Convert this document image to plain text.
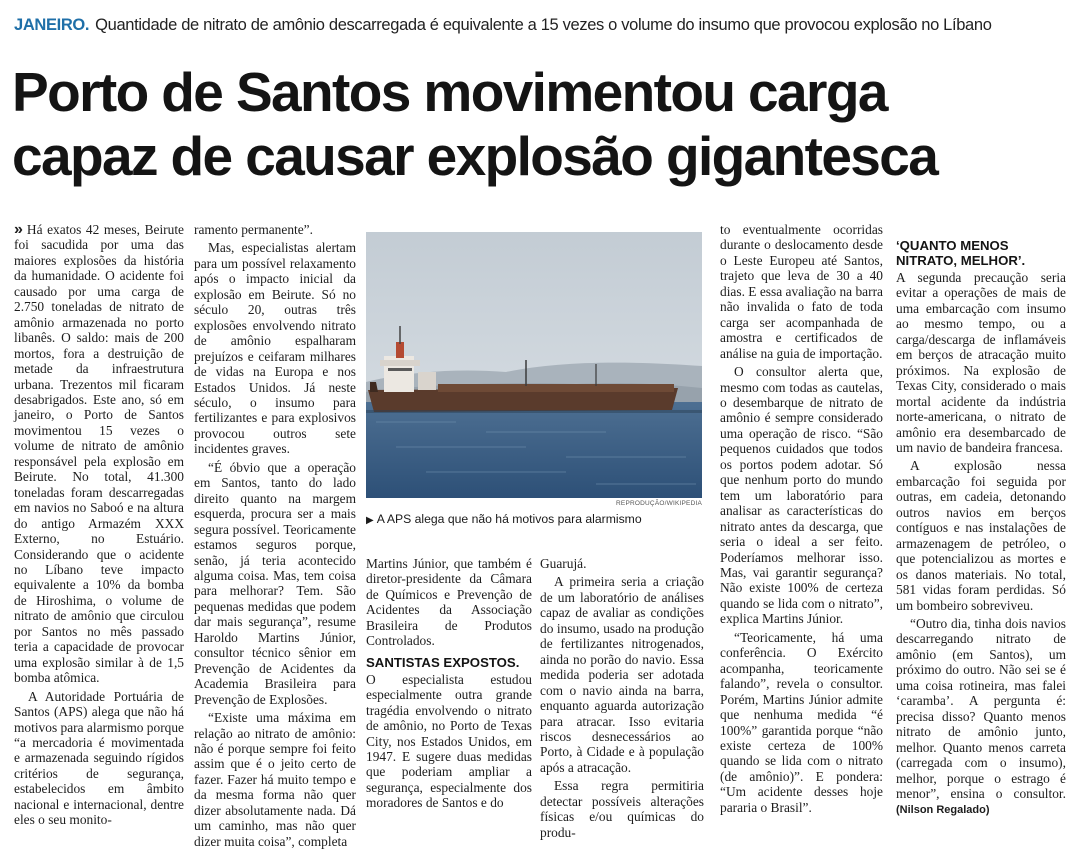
JANEIRO. Quantidade de nitrato de amônio descarregada é equivalente a 15 vezes o volume do insumo que provocou explosão no Líbano
Porto de Santos movimentou carga
capaz de causar explosão gigantesca

» Há exatos 42 meses, Beirute foi sacudida por uma das maiores explosões da história da humanidade. O acidente foi causado por uma carga de 2.750 toneladas de nitrato de amônio armazenada no porto libanês. O saldo: mais de 200 mortos, fora a destruição de metade da infraestrutura urbana. Trezentos mil ficaram desabrigados. Este ano, só em janeiro, o Porto de Santos movimentou 15 vezes o volume de nitrato de amônio responsável pela explosão em Beirute. No total, 41.300 toneladas foram descarregadas em navios no Saboó e na altura do antigo Armazém XXX Externo, no Estuário. Considerando que o acidente no Líbano teve impacto equivalente a 10% da bomba de Hiroshima, o volume de nitrato de amônio que circulou por Santos no mês passado teria a capacidade de provocar uma explosão similar à de 1,5 bomba atômica.

A Autoridade Portuária de Santos (APS) alega que não há motivos para alarmismo porque “a mercadoria é movimentada e armazenada seguindo rígidos critérios de segurança, estabelecidos em âmbito nacional e internacional, dentre eles o seu monito-

ramento permanente”.

Mas, especialistas alertam para um possível relaxamento após o impacto inicial da explosão em Beirute. Só no século 20, outras três explosões envolvendo nitrato de amônio espalharam prejuízos e ceifaram milhares de vidas na Europa e nos Estados Unidos. Já neste século, o insumo para fertilizantes e para explosivos provocou outros sete incidentes graves.

“É óbvio que a operação em Santos, tanto do lado direito quanto na margem esquerda, procura ser a mais segura possível. Teoricamente estamos seguros porque, senão, já teria acontecido alguma coisa. Mas, tem coisa para melhorar? Tem. São pequenas medidas que podem dar mais segurança”, resume Haroldo Martins Júnior, consultor técnico sênior em Prevenção de Acidentes da Academia Brasileira para Prevenção de Explosões.

“Existe uma máxima em relação ao nitrato de amônio: não é porque sempre foi feito assim que é o jeito certo de fazer. Fazer há muito tempo e da mesma forma não quer dizer absolutamente nada. Dá um caminho, mas não quer dizer muita coisa”, completa

REPRODUÇÃO/WIKIPEDIA
▶ A APS alega que não há motivos para alarmismo

Martins Júnior, que também é diretor-presidente da Câmara de Químicos e Prevenção de Acidentes da Associação Brasileira de Produtos Controlados.

SANTISTAS EXPOSTOS.

O especialista estudou especialmente outra grande tragédia envolvendo o nitrato de amônio, no Porto de Texas City, nos Estados Unidos, em 1947. E sugere duas medidas que poderiam ampliar a segurança, especialmente dos moradores de Santos e do

Guarujá.

A primeira seria a criação de um laboratório de análises capaz de avaliar as condições do insumo, usado na produção de fertilizantes nitrogenados, ainda no porão do navio. Essa medida poderia ser adotada com o navio ainda na barra, enquanto aguarda autorização para atracar. Isso evitaria riscos desnecessários ao Porto, à Cidade e à população após a atracação.

Essa regra permitiria detectar possíveis alterações físicas e/ou químicas do produ-

to eventualmente ocorridas durante o deslocamento desde o Leste Europeu até Santos, trajeto que leva de 30 a 40 dias. E essa avaliação na barra não invalida o fato de toda carga ser acompanhada de amostra e certificados de análise na guia de importação.

O consultor alerta que, mesmo com todas as cautelas, o desembarque de nitrato de amônio é sempre considerado uma operação de risco. “São pequenos cuidados que todos os portos podem adotar. Só que nenhum porto do mundo tem um laboratório para analisar as características do nitrato antes da descarga, que seria o ideal a ser feito. Poderíamos melhorar isso. Mas, vai garantir segurança? Não existe 100% de certeza quando se lida com o nitrato”, explica Martins Júnior.

“Teoricamente, há uma conferência. O Exército acompanha, teoricamente falando”, revela o consultor. Porém, Martins Júnior admite que nenhuma medida “é 100%” garantida porque “não existe certeza de 100% quando se lida com o nitrato (de amônio)”. E pondera: “Um acidente desses hoje pararia o Brasil”.

‘QUANTO MENOS NITRATO, MELHOR’.

A segunda precaução seria evitar a operações de mais de uma embarcação com insumo ao mesmo tempo, ou a carga/descarga de inflamáveis em berços de atracação muito próximos. Na explosão de Texas City, considerado o mais mortal acidente da indústria norte-americana, o nitrato de amônio era desembarcado de um navio de bandeira francesa.

A explosão nessa embarcação foi seguida por outras, em cadeia, detonando outros navios em berços contíguos e nas instalações de armazenagem de petróleo, o que potencializou as mortes e os danos materiais. No total, 581 vidas foram perdidas. Só um bombeiro sobreviveu.

“Outro dia, tinha dois navios descarregando nitrato de amônio (em Santos), um próximo do outro. Não sei se é uma coisa rotineira, mas falei ‘caramba’. A pergunta é: precisa disso? Quanto menos nitrato de amônio junto, melhor. Quanto menos carreta (carregada com o insumo), melhor, porque o estrago é menor”, ensina o consultor. (Nilson Regalado)
